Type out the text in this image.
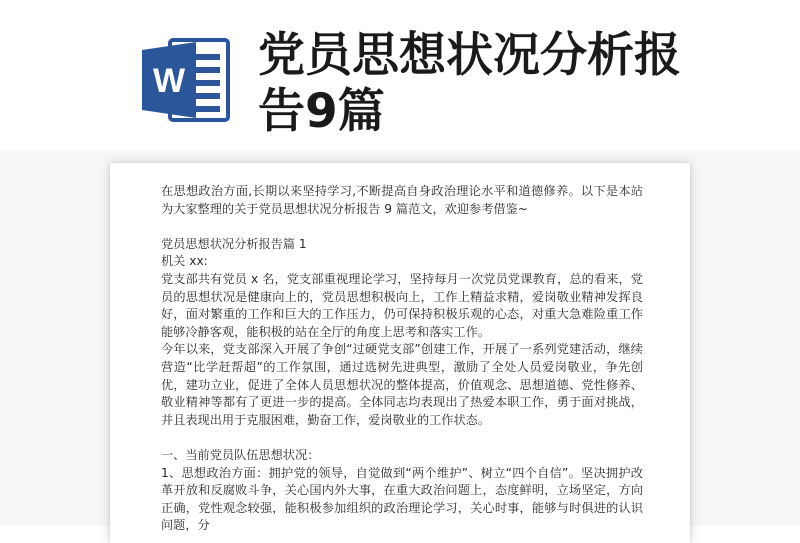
W 党员思想状况分析报告9篇

在思想政治方面,长期以来坚持学习,不断提高自身政治理论水平和道德修养。以下是本站为大家整理的关于党员思想状况分析报告 9 篇范文，欢迎参考借鉴~

党员思想状况分析报告篇 1

机关 xx:

党支部共有党员 x 名，党支部重视理论学习，坚持每月一次党员党课教育，总的看来，党员的思想状况是健康向上的，党员思想积极向上，工作上精益求精，爱岗敬业精神发挥良好，面对繁重的工作和巨大的工作压力，仍可保持积极乐观的心态，对重大急难险重工作能够冷静客观，能积极的站在全厅的角度上思考和落实工作。

今年以来，党支部深入开展了争创“过硬党支部”创建工作，开展了一系列党建活动，继续营造“比学赶帮超”的工作氛围，通过选树先进典型，激励了全处人员爱岗敬业，争先创优，建功立业，促进了全体人员思想状况的整体提高，价值观念、思想道德、党性修养、敬业精神等都有了更进一步的提高。全体同志均表现出了热爱本职工作，勇于面对挑战，并且表现出用于克服困难，勤奋工作，爱岗敬业的工作状态。

一、当前党员队伍思想状况：

1、思想政治方面：拥护党的领导，自觉做到“两个维护”、树立“四个自信”。坚决拥护改革开放和反腐败斗争，关心国内外大事，在重大政治问题上，态度鲜明，立场坚定，方向正确，党性观念较强，能积极参加组织的政治理论学习，关心时事，能够与时俱进的认识问题，分
